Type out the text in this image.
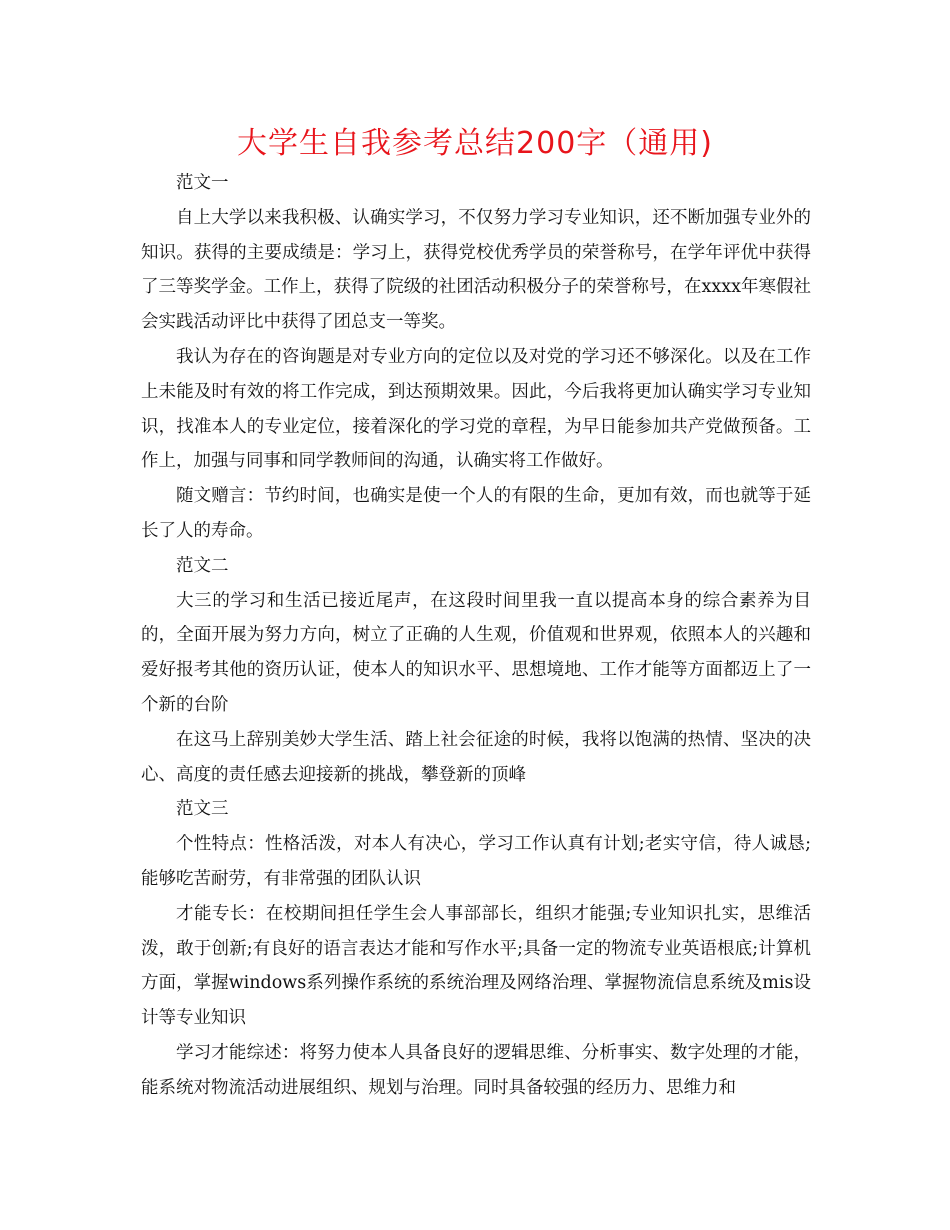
大学生自我参考总结200字（通用)

范文一

自上大学以来我积极、认确实学习，不仅努力学习专业知识，还不断加强专业外的知识。获得的主要成绩是：学习上，获得党校优秀学员的荣誉称号，在学年评优中获得了三等奖学金。工作上，获得了院级的社团活动积极分子的荣誉称号，在xxxx年寒假社会实践活动评比中获得了团总支一等奖。

我认为存在的咨询题是对专业方向的定位以及对党的学习还不够深化。以及在工作上未能及时有效的将工作完成，到达预期效果。因此，今后我将更加认确实学习专业知识，找准本人的专业定位，接着深化的学习党的章程，为早日能参加共产党做预备。工作上，加强与同事和同学教师间的沟通，认确实将工作做好。

随文赠言：节约时间，也确实是使一个人的有限的生命，更加有效，而也就等于延长了人的寿命。

范文二

大三的学习和生活已接近尾声，在这段时间里我一直以提高本身的综合素养为目的，全面开展为努力方向，树立了正确的人生观，价值观和世界观，依照本人的兴趣和爱好报考其他的资历认证，使本人的知识水平、思想境地、工作才能等方面都迈上了一个新的台阶

在这马上辞别美妙大学生活、踏上社会征途的时候，我将以饱满的热情、坚决的决心、高度的责任感去迎接新的挑战，攀登新的顶峰

范文三

个性特点：性格活泼，对本人有决心，学习工作认真有计划;老实守信，待人诚恳;能够吃苦耐劳，有非常强的团队认识

才能专长：在校期间担任学生会人事部部长，组织才能强;专业知识扎实，思维活泼，敢于创新;有良好的语言表达才能和写作水平;具备一定的物流专业英语根底;计算机方面，掌握windows系列操作系统的系统治理及网络治理、掌握物流信息系统及mis设计等专业知识

学习才能综述：将努力使本人具备良好的逻辑思维、分析事实、数字处理的才能，能系统对物流活动进展组织、规划与治理。同时具备较强的经历力、思维力和
